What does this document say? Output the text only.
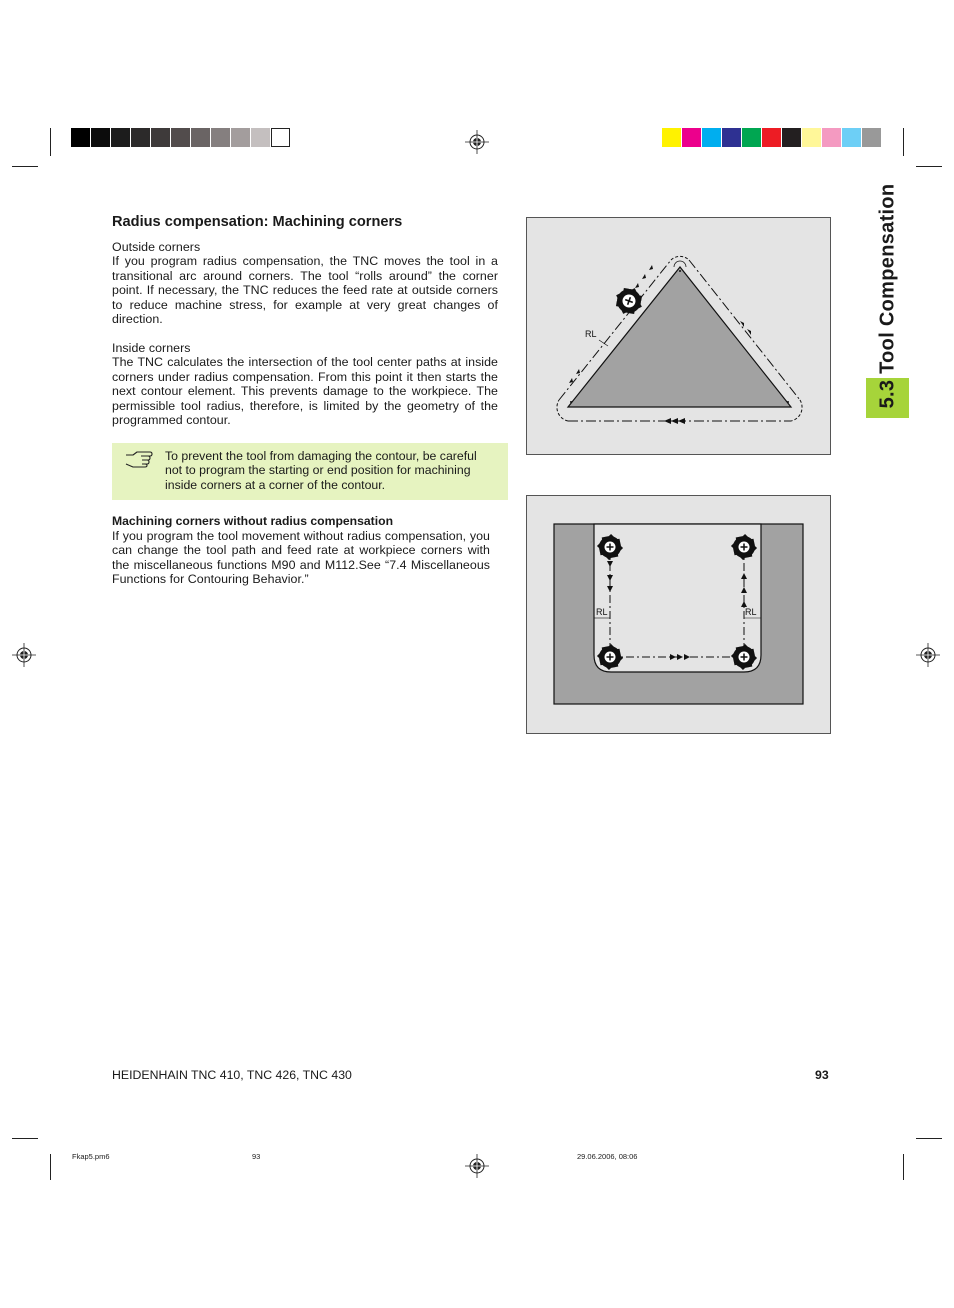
Radius compensation: Machining corners

Outside corners

If you program radius compensation, the TNC moves the tool in a transitional arc around corners. The tool “rolls around” the corner point. If necessary, the TNC reduces the feed rate at outside corners to reduce machine stress, for example at very great changes of direction.

Inside corners

The TNC calculates the intersection of the tool center paths at inside corners under radius compensation. From this point it then starts the next contour element. This prevents damage to the workpiece. The permissible tool radius, therefore, is limited by the geometry of the programmed contour.

To prevent the tool from damaging the contour, be careful not to program the starting or end position for machining inside corners at a corner of the contour.
Machining corners without radius compensation
If you program the tool movement without radius compensation, you can change the tool path and feed rate at workpiece corners with the miscellaneous functions M90 and M112.See “7.4 Miscellaneous Functions for Contouring Behavior.”
5.3 Tool Compensation
RL
RL	RL
HEIDENHAIN TNC 410, TNC 426, TNC 430	93
Fkap5.pm6	93	29.06.2006, 08:06
